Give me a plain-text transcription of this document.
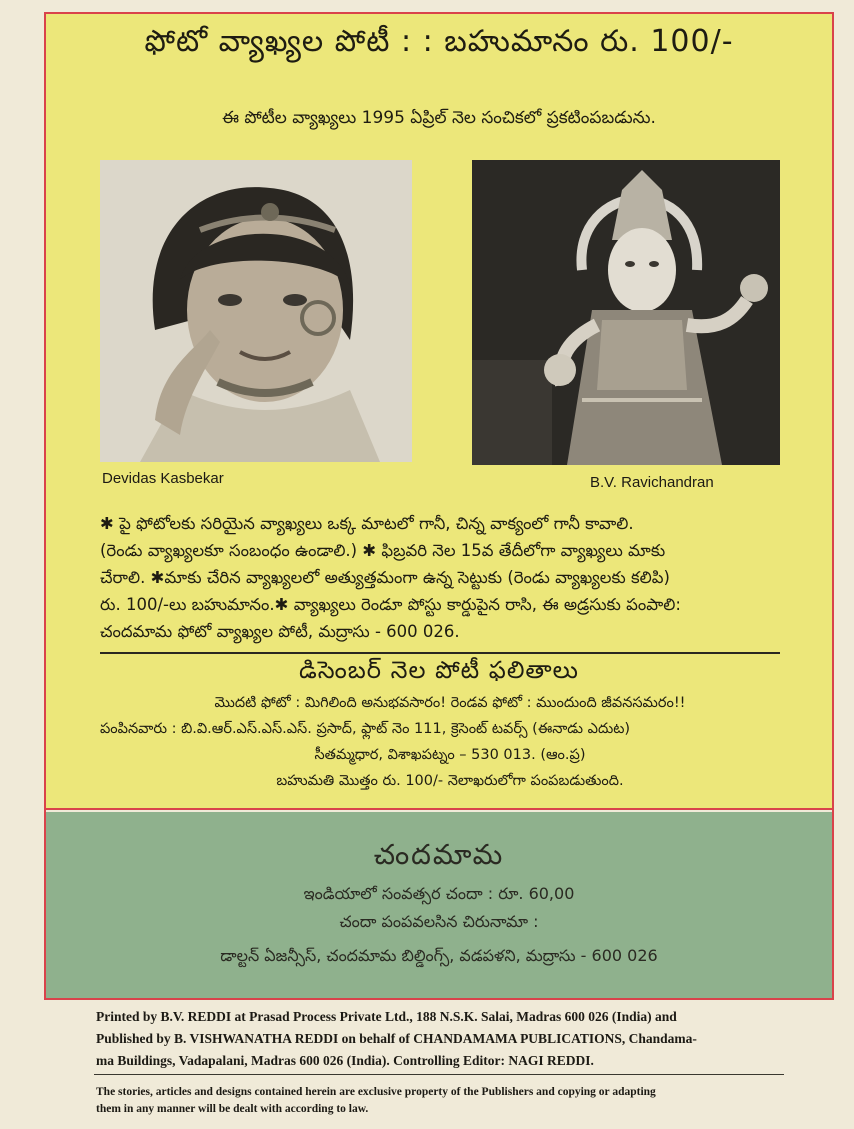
ఫోటో వ్యాఖ్యల పోటీ : : బహుమానం రు. 100/-
ఈ పోటీల వ్యాఖ్యలు 1995 ఏప్రిల్ నెల సంచికలో ప్రకటింపబడును.
Devidas Kasbekar	B.V. Ravichandran

✱ పై ఫోటోలకు సరియైన వ్యాఖ్యలు ఒక్క మాటలో గానీ, చిన్న వాక్యంలో గానీ కావాలి.

(రెండు వ్యాఖ్యలకూ సంబంధం ఉండాలి.) ✱ ఫిబ్రవరి నెల 15వ తేదీలోగా వ్యాఖ్యలు మాకు

చేరాలి. ✱మాకు చేరిన వ్యాఖ్యలలో అత్యుత్తమంగా ఉన్న సెట్టుకు (రెండు వ్యాఖ్యలకు కలిపి)

రు. 100/-లు బహుమానం.✱ వ్యాఖ్యలు రెండూ పోస్టు కార్డుపైన రాసి, ఈ అడ్రసుకు పంపాలి:

చందమామ ఫోటో వ్యాఖ్యల పోటీ, మద్రాసు - 600 026.

డిసెంబర్ నెల పోటీ ఫలితాలు

మొదటి ఫోటో : మిగిలింది అనుభవసారం! రెండవ ఫోటో : ముందుంది జీవనసమరం!!

పంపినవారు : బి.వి.ఆర్.ఎస్.ఎస్.ఎస్. ప్రసాద్, ఫ్లాట్ నెం 111, క్రెసెంట్ టవర్స్ (ఈనాడు ఎదుట)

సీతమ్మధార, విశాఖపట్నం – 530 013. (ఆం.ప్ర)

బహుమతి మొత్తం రు. 100/- నెలాఖరులోగా పంపబడుతుంది.

చందమామ

ఇండియాలో సంవత్సర చందా : రూ. 60,00

చందా పంపవలసిన చిరునామా :

డాల్టన్ ఏజన్సీస్, చందమామ బిల్డింగ్స్, వడపళని, మద్రాసు - 600 026

Printed by B.V. REDDI at Prasad Process Private Ltd., 188 N.S.K. Salai, Madras 600 026 (India) and

Published by B. VISHWANATHA REDDI on behalf of CHANDAMAMA PUBLICATIONS, Chandama-

ma Buildings, Vadapalani, Madras 600 026 (India). Controlling Editor: NAGI REDDI.

The stories, articles and designs contained herein are exclusive property of the Publishers and copying or adapting

them in any manner will be dealt with according to law.
